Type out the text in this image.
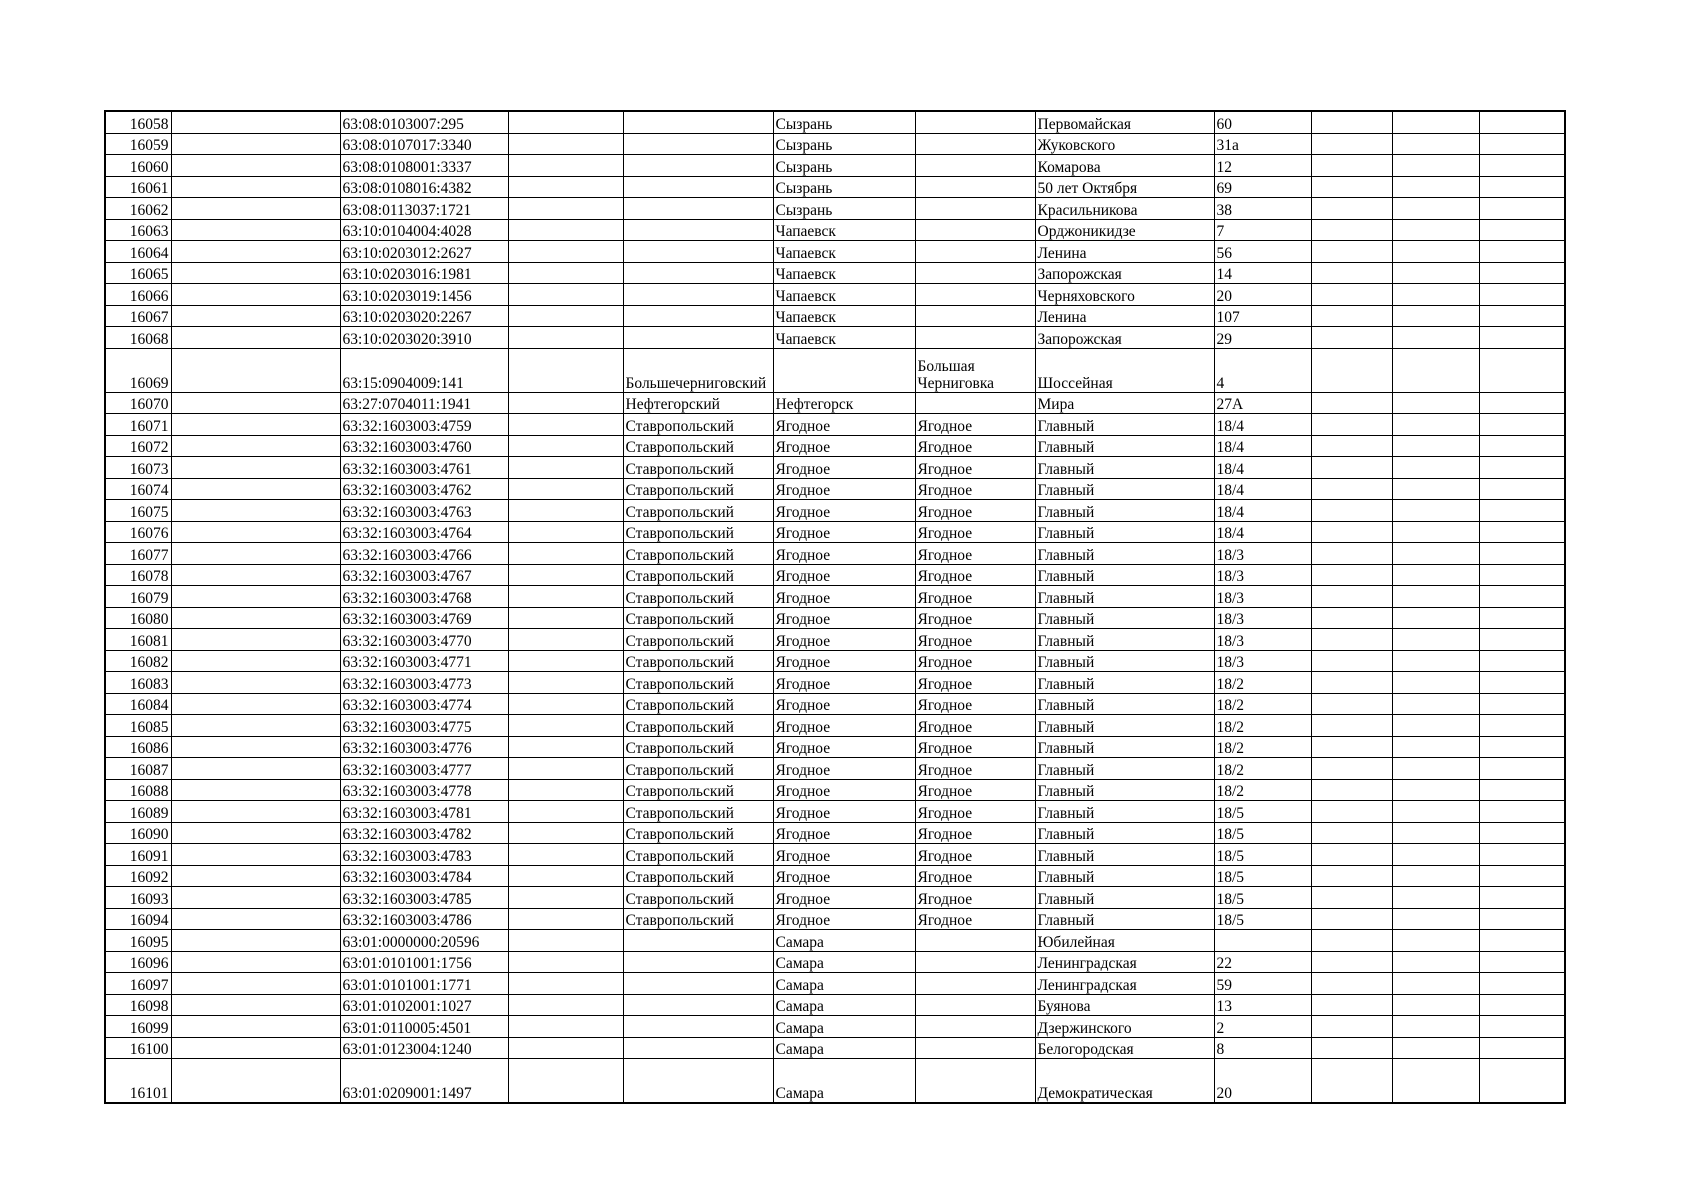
16058		63:08:0103007:295			Сызрань		Первомайская	60			
16059		63:08:0107017:3340			Сызрань		Жуковского	31а			
16060		63:08:0108001:3337			Сызрань		Комарова	12			
16061		63:08:0108016:4382			Сызрань		50 лет Октября	69			
16062		63:08:0113037:1721			Сызрань		Красильникова	38			
16063		63:10:0104004:4028			Чапаевск		Орджоникидзе	7			
16064		63:10:0203012:2627			Чапаевск		Ленина	56			
16065		63:10:0203016:1981			Чапаевск		Запорожская	14			
16066		63:10:0203019:1456			Чапаевск		Черняховского	20			
16067		63:10:0203020:2267			Чапаевск		Ленина	107			
16068		63:10:0203020:3910			Чапаевск		Запорожская	29			
16069		63:15:0904009:141		Большечерниговский		Большая Черниговка	Шоссейная	4			
16070		63:27:0704011:1941		Нефтегорский	Нефтегорск		Мира	27А			
16071		63:32:1603003:4759		Ставропольский	Ягодное	Ягодное	Главный	18/4			
16072		63:32:1603003:4760		Ставропольский	Ягодное	Ягодное	Главный	18/4			
16073		63:32:1603003:4761		Ставропольский	Ягодное	Ягодное	Главный	18/4			
16074		63:32:1603003:4762		Ставропольский	Ягодное	Ягодное	Главный	18/4			
16075		63:32:1603003:4763		Ставропольский	Ягодное	Ягодное	Главный	18/4			
16076		63:32:1603003:4764		Ставропольский	Ягодное	Ягодное	Главный	18/4			
16077		63:32:1603003:4766		Ставропольский	Ягодное	Ягодное	Главный	18/3			
16078		63:32:1603003:4767		Ставропольский	Ягодное	Ягодное	Главный	18/3			
16079		63:32:1603003:4768		Ставропольский	Ягодное	Ягодное	Главный	18/3			
16080		63:32:1603003:4769		Ставропольский	Ягодное	Ягодное	Главный	18/3			
16081		63:32:1603003:4770		Ставропольский	Ягодное	Ягодное	Главный	18/3			
16082		63:32:1603003:4771		Ставропольский	Ягодное	Ягодное	Главный	18/3			
16083		63:32:1603003:4773		Ставропольский	Ягодное	Ягодное	Главный	18/2			
16084		63:32:1603003:4774		Ставропольский	Ягодное	Ягодное	Главный	18/2			
16085		63:32:1603003:4775		Ставропольский	Ягодное	Ягодное	Главный	18/2			
16086		63:32:1603003:4776		Ставропольский	Ягодное	Ягодное	Главный	18/2			
16087		63:32:1603003:4777		Ставропольский	Ягодное	Ягодное	Главный	18/2			
16088		63:32:1603003:4778		Ставропольский	Ягодное	Ягодное	Главный	18/2			
16089		63:32:1603003:4781		Ставропольский	Ягодное	Ягодное	Главный	18/5			
16090		63:32:1603003:4782		Ставропольский	Ягодное	Ягодное	Главный	18/5			
16091		63:32:1603003:4783		Ставропольский	Ягодное	Ягодное	Главный	18/5			
16092		63:32:1603003:4784		Ставропольский	Ягодное	Ягодное	Главный	18/5			
16093		63:32:1603003:4785		Ставропольский	Ягодное	Ягодное	Главный	18/5			
16094		63:32:1603003:4786		Ставропольский	Ягодное	Ягодное	Главный	18/5			
16095		63:01:0000000:20596			Самара		Юбилейная				
16096		63:01:0101001:1756			Самара		Ленинградская	22			
16097		63:01:0101001:1771			Самара		Ленинградская	59			
16098		63:01:0102001:1027			Самара		Буянова	13			
16099		63:01:0110005:4501			Самара		Дзержинского	2			
16100		63:01:0123004:1240			Самара		Белогородская	8			
16101		63:01:0209001:1497			Самара		Демократическая	20			
